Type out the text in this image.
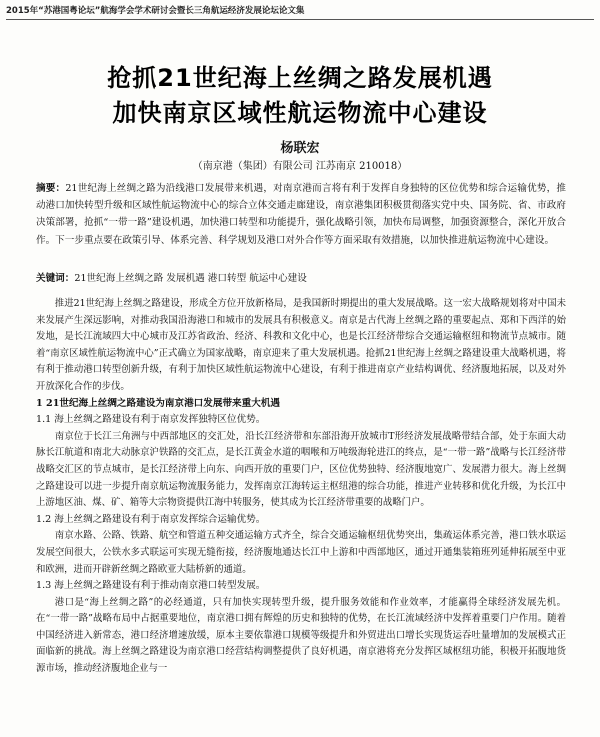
2015年“苏港国粤论坛”航海学会学术研讨会暨长三角航运经济发展论坛论文集
抢抓21世纪海上丝绸之路发展机遇
加快南京区域性航运物流中心建设
杨联宏
（南京港（集团）有限公司 江苏南京 210018）
摘要：21世纪海上丝绸之路为沿线港口发展带来机遇，对南京港而言将有利于发挥自身独特的区位优势和综合运输优势，推动港口加快转型升级和区域性航运物流中心的综合立体交通走廊建设，南京港集团积极贯彻落实党中央、国务院、省、市政府决策部署，抢抓“一带一路”建设机遇，加快港口转型和功能提升，强化战略引领，加快布局调整，加强资源整合，深化开放合作。下一步重点要在政策引导、体系完善、科学规划及港口对外合作等方面采取有效措施，以加快推进航运物流中心建设。
关键词：21世纪海上丝绸之路 发展机遇 港口转型 航运中心建设

推进21世纪海上丝绸之路建设，形成全方位开放新格局，是我国新时期提出的重大发展战略。这一宏大战略规划将对中国未来发展产生深远影响，对推动我国沿海港口和城市的发展具有积极意义。南京是古代海上丝绸之路的重要起点、郑和下西洋的始发地，是长江流域四大中心城市及江苏省政治、经济、科教和文化中心，也是长江经济带综合交通运输枢纽和物流节点城市。随着“南京区域性航运物流中心”正式确立为国家战略，南京迎来了重大发展机遇。抢抓21世纪海上丝绸之路建设重大战略机遇，将有利于推动港口转型创新升级，有利于加快区域性航运物流中心建设，有利于推进南京产业结构调优、经济腹地拓展，以及对外开放深化合作的步伐。

1 21世纪海上丝绸之路建设为南京港口发展带来重大机遇
1.1 海上丝绸之路建设有利于南京发挥独特区位优势。

南京位于长江三角洲与中西部地区的交汇处，沿长江经济带和东部沿海开放城市T形经济发展战略带结合部，处于东面大动脉长江航道和南北大动脉京沪铁路的交汇点，是长江黄金水道的咽喉和万吨级海轮进江的终点，是“一带一路”战略与长江经济带战略交汇区的节点城市，是长江经济带上向东、向西开放的重要门户，区位优势独特、经济腹地宽广、发展潜力很大。海上丝绸之路建设可以进一步提升南京航运物流服务能力，发挥南京江海转运主枢纽港的综合功能，推进产业转移和优化升级，为长江中上游地区油、煤、矿、箱等大宗物资提供江海中转服务，使其成为长江经济带重要的战略门户。

1.2 海上丝绸之路建设有利于南京发挥综合运输优势。

南京水路、公路、铁路、航空和管道五种交通运输方式齐全，综合交通运输枢纽优势突出，集疏运体系完善，港口铁水联运发展空间很大，公铁水多式联运可实现无缝衔接，经济腹地通达长江中上游和中西部地区，通过开通集装箱班列延伸拓展至中亚和欧洲，进而开辟新丝绸之路欧亚大陆桥新的通道。

1.3 海上丝绸之路建设有利于推动南京港口转型发展。

港口是“海上丝绸之路”的必经通道，只有加快实现转型升级，提升服务效能和作业效率，才能赢得全球经济发展先机。在“一带一路”战略布局中占据重要地位，南京港口拥有辉煌的历史和独特的优势，在长江流域经济中发挥着重要门户作用。随着中国经济进入新常态，港口经济增速放缓，原本主要依靠港口规模等级提升和外贸进出口增长实现货运吞吐量增加的发展模式正面临新的挑战。海上丝绸之路建设为南京港口经营结构调整提供了良好机遇，南京港将充分发挥区域枢纽功能，积极开拓腹地货源市场，推动经济腹地企业与一
